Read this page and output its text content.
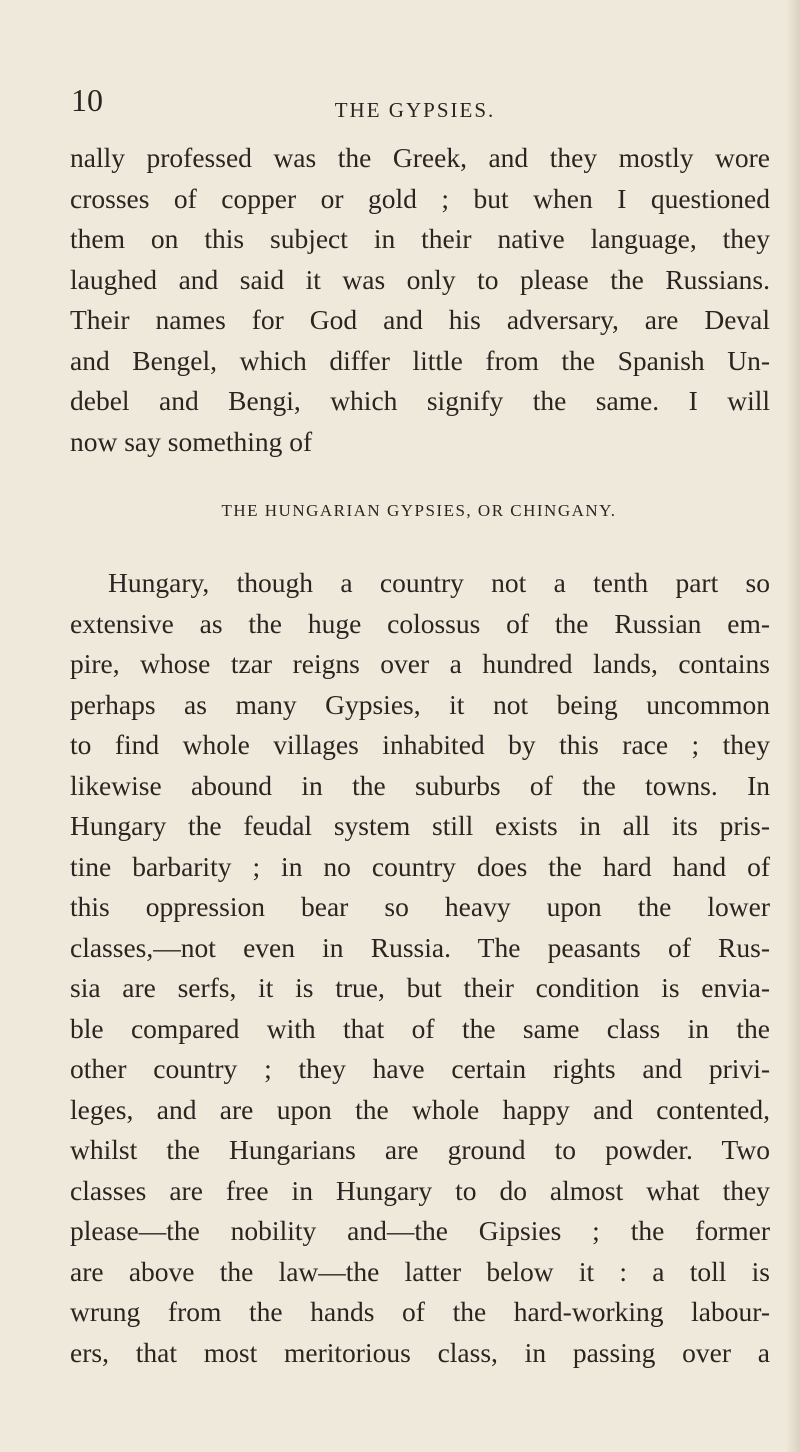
10	THE GYPSIES.
nally professed was the Greek, and they mostly wore
crosses of copper or gold ; but when I questioned
them on this subject in their native language, they
laughed and said it was only to please the Russians.
Their names for God and his adversary, are Deval
and Bengel, which differ little from the Spanish Un-
debel and Bengi, which signify the same. I will
now say something of
THE HUNGARIAN GYPSIES, OR CHINGANY.
Hungary, though a country not a tenth part so
extensive as the huge colossus of the Russian em-
pire, whose tzar reigns over a hundred lands, contains
perhaps as many Gypsies, it not being uncommon
to find whole villages inhabited by this race ; they
likewise abound in the suburbs of the towns. In
Hungary the feudal system still exists in all its pris-
tine barbarity ; in no country does the hard hand of
this oppression bear so heavy upon the lower
classes,—not even in Russia. The peasants of Rus-
sia are serfs, it is true, but their condition is envia-
ble compared with that of the same class in the
other country ; they have certain rights and privi-
leges, and are upon the whole happy and contented,
whilst the Hungarians are ground to powder. Two
classes are free in Hungary to do almost what they
please—the nobility and—the Gipsies ; the former
are above the law—the latter below it : a toll is
wrung from the hands of the hard-working labour-
ers, that most meritorious class, in passing over a
